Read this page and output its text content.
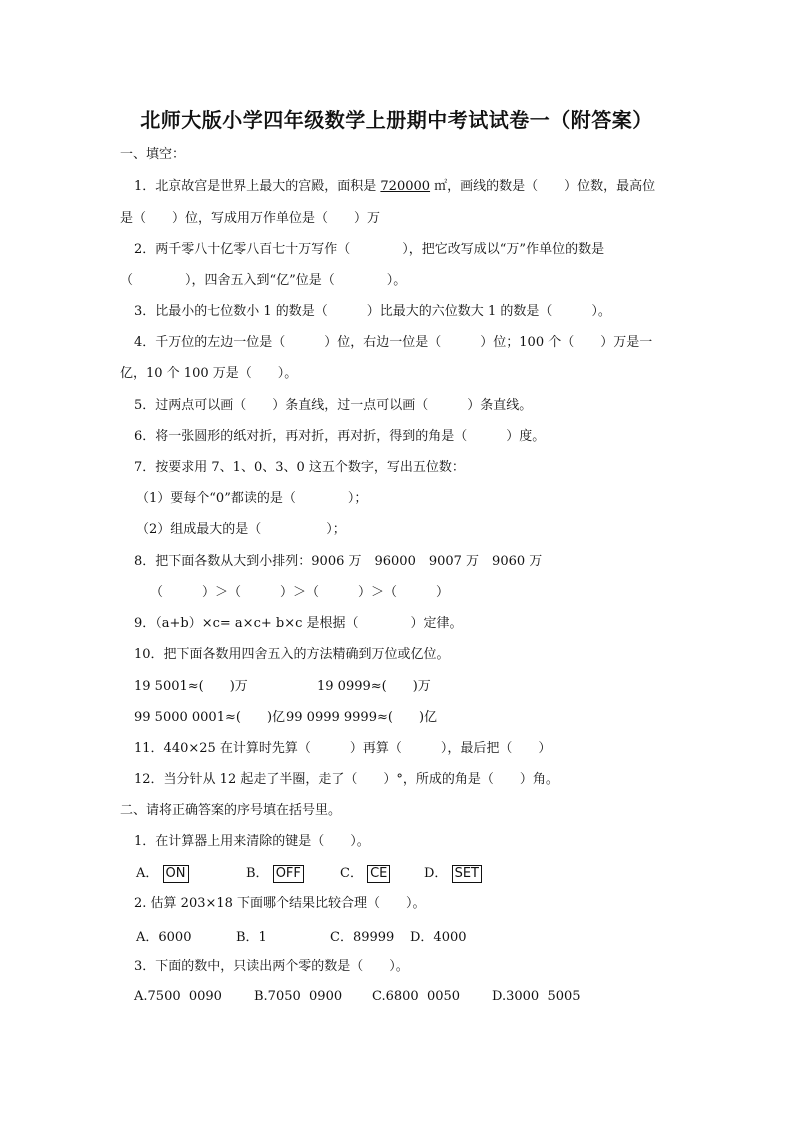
北师大版小学四年级数学上册期中考试试卷一（附答案）
一、填空：
1．北京故宫是世界上最大的宫殿，面积是 720000 ㎡，画线的数是（　　）位数，最高位
是（　　）位，写成用万作单位是（　　）万
2．两千零八十亿零八百七十万写作（　　　　），把它改写成以“万”作单位的数是
（　　　　），四舍五入到“亿”位是（　　　　）。
3．比最小的七位数小 1 的数是（　　　）比最大的六位数大 1 的数是（　　　）。
4．千万位的左边一位是（　　　）位，右边一位是（　　　）位；100 个（　　）万是一
亿，10 个 100 万是（　　）。
5．过两点可以画（　　）条直线，过一点可以画（　　　）条直线。
6．将一张圆形的纸对折，再对折，再对折，得到的角是（　　　）度。
7．按要求用 7、1、0、3、0 这五个数字，写出五位数：
（1）要每个“0”都读的是（　　　　）；
（2）组成最大的是（　　　　　）；
8．把下面各数从大到小排列：9006 万　96000　9007 万　9060 万
（　　　）＞（　　　）＞（　　　）＞（　　　）
9．（a+b）×c= a×c+ b×c 是根据（　　　　）定律。
10．把下面各数用四舍五入的方法精确到万位或亿位。
19 5001≈(　　)万	19 0999≈(　　)万
99 5000 0001≈(　　)亿 99 0999 9999≈(　　)亿
11．440×25 在计算时先算（　　　）再算（　　　），最后把（　　）
12．当分针从 12 起走了半圈，走了（　　）°，所成的角是（　　）角。
二、请将正确答案的序号填在括号里。
1．在计算器上用来清除的键是（　　）。
A． ON	B． OFF	C． CE	D． SET
2. 估算 203×18 下面哪个结果比较合理（　　）。
A．6000	B．1	C．89999 D．4000
3．下面的数中，只读出两个零的数是（　　）。
A.7500  0090 B.7050  0900 C.6800  0050 D.3000  5005
